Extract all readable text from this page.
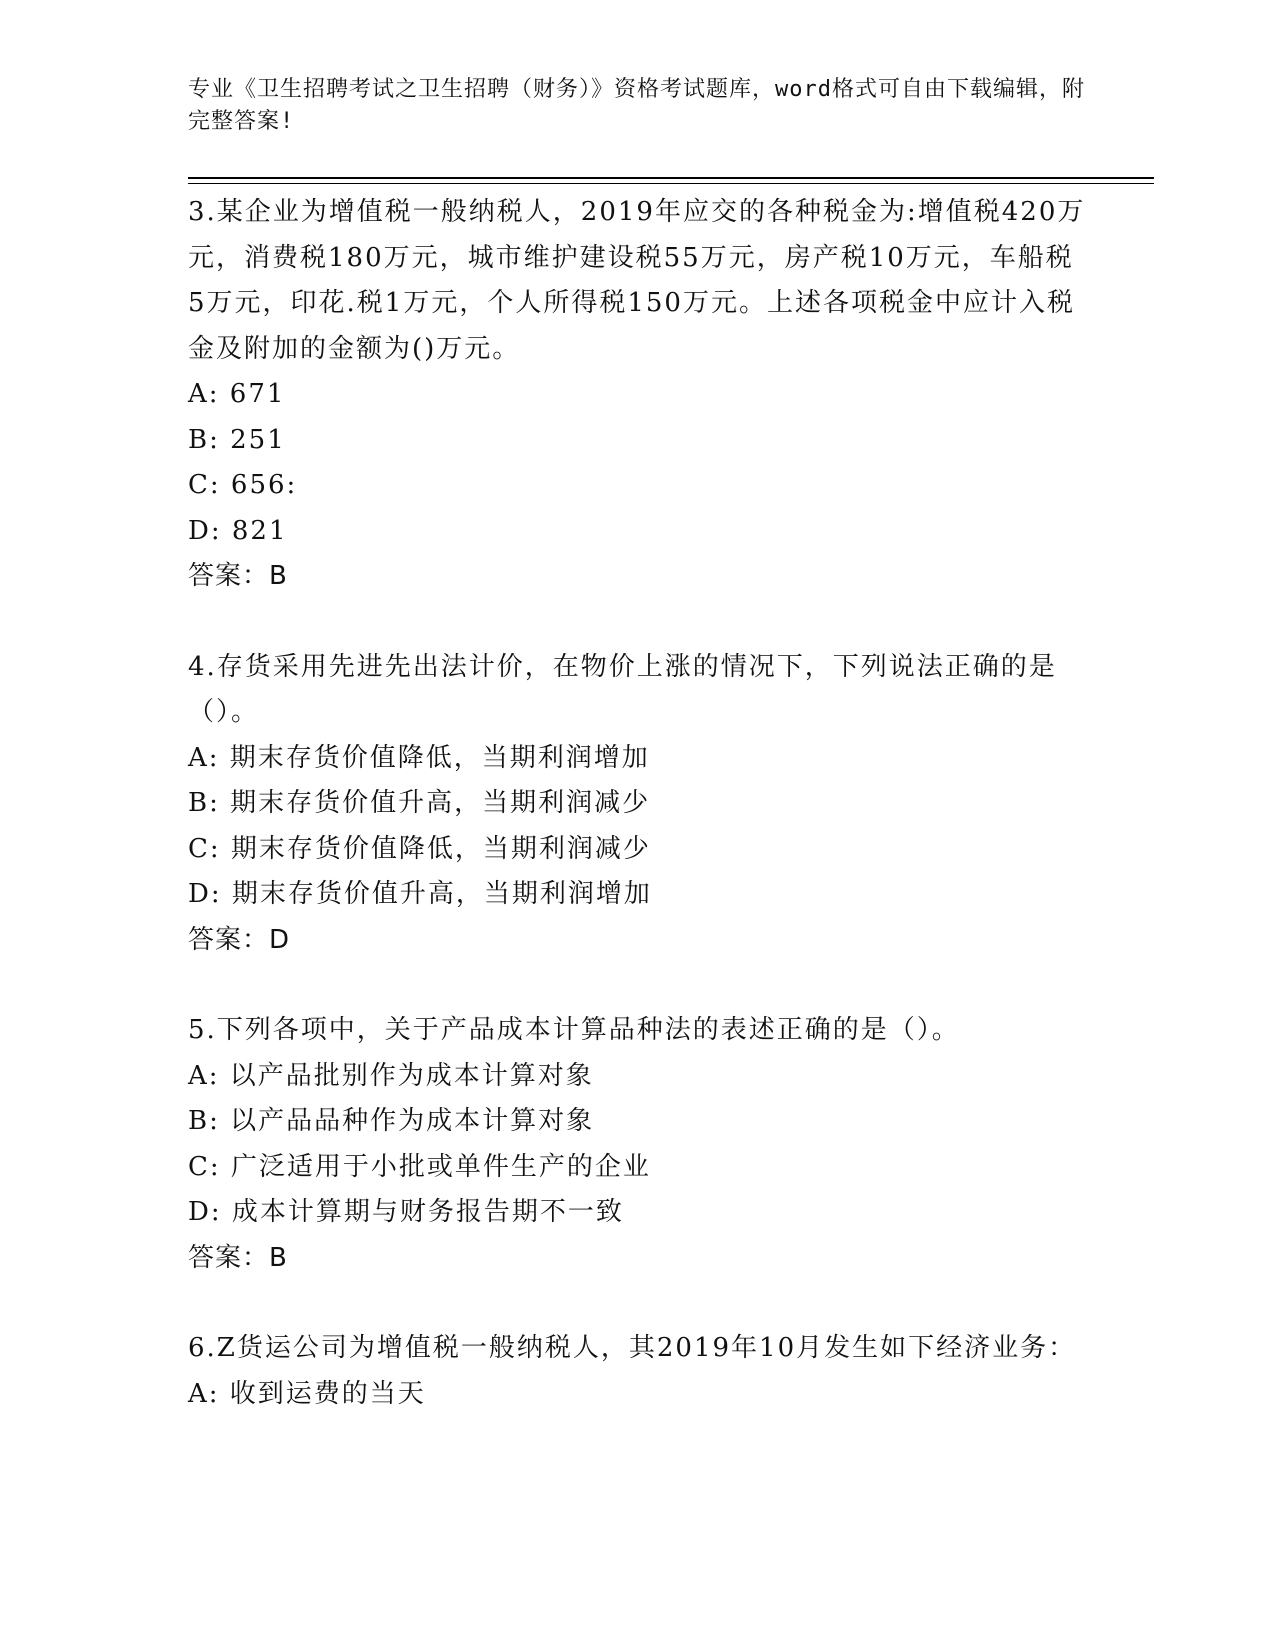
专业《卫生招聘考试之卫生招聘（财务）》资格考试题库，word格式可自由下载编辑，附完整答案!
3.某企业为增值税一般纳税人，2019年应交的各种税金为:增值税420万元，消费税180万元，城市维护建设税55万元，房产税10万元，车船税5万元，印花.税1万元，个人所得税150万元。上述各项税金中应计入税金及附加的金额为()万元。
A: 671
B: 251
C: 656:
D: 821
答案：B
4.存货采用先进先出法计价，在物价上涨的情况下，下列说法正确的是（）。
A: 期末存货价值降低，当期利润增加
B: 期末存货价值升高，当期利润减少
C: 期末存货价值降低，当期利润减少
D: 期末存货价值升高，当期利润增加
答案：D
5.下列各项中，关于产品成本计算品种法的表述正确的是（）。
A: 以产品批别作为成本计算对象
B: 以产品品种作为成本计算对象
C: 广泛适用于小批或单件生产的企业
D: 成本计算期与财务报告期不一致
答案：B
6.Z货运公司为增值税一般纳税人，其2019年10月发生如下经济业务：
A: 收到运费的当天
